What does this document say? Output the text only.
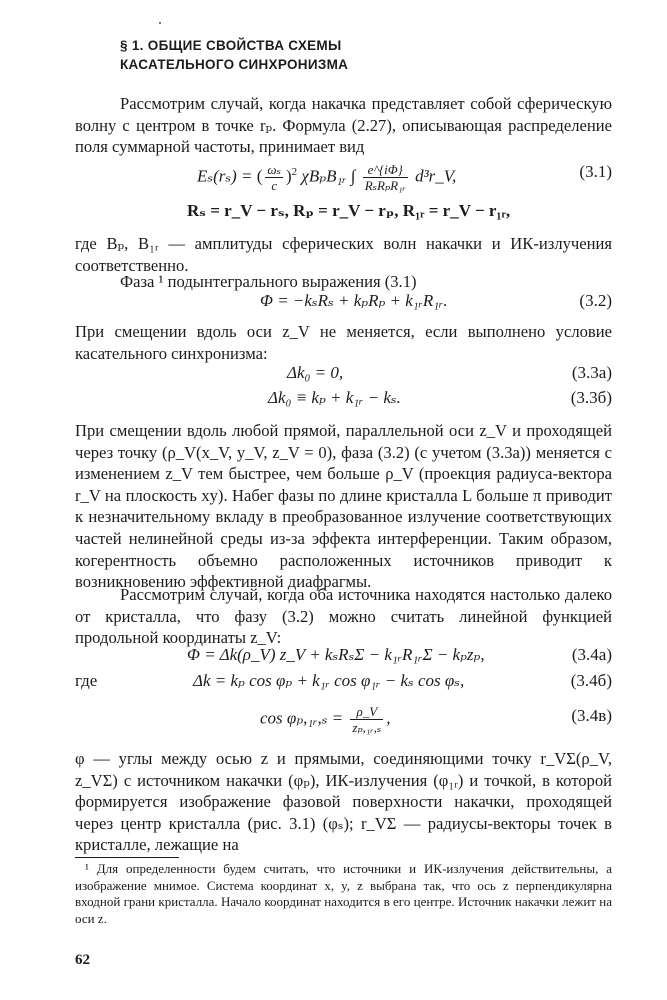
§ 1. ОБЩИЕ СВОЙСТВА СХЕМЫ
КАСАТЕЛЬНОГО СИНХРОНИЗМА
Рассмотрим случай, когда накачка представляет собой сферическую волну с центром в точке rₚ. Формула (2.27), описывающая распределение поля суммарной частоты, принимает вид
Eₛ(rₛ) = ( $\frac{\text{ωₛ}}{c} )^2$ χBₚB₁ᵣ ∫ $\frac{e\^{}\{i\Phi\}}{\text{RₛRₚR₁ᵣ}}$ d³r_V,	(3.1)
Rₛ = r_V − rₛ, Rₚ = r_V − rₚ, R₁ᵣ = r_V − r₁ᵣ,
где Bₚ, B₁ᵣ — амплитуды сферических волн накачки и ИК-излучения соответственно.
Фаза ¹ подынтегрального выражения (3.1)
Φ = −kₛRₛ + kₚRₚ + k₁ᵣR₁ᵣ.	(3.2)
При смещении вдоль оси z_V не меняется, если выполнено условие касательного синхронизма:
Δk₀ = 0,	(3.3а)
Δk₀ ≡ kₚ + k₁ᵣ − kₛ.	(3.3б)
При смещении вдоль любой прямой, параллельной оси z_V и проходящей через точку (ρ_V(x_V, y_V, z_V = 0), фаза (3.2) (с учетом (3.3а)) меняется с изменением z_V тем быстрее, чем больше ρ_V (проекция радиуса-вектора r_V на плоскость xy). Набег фазы по длине кристалла L больше π приводит к незначительному вкладу в преобразованное излучение соответствующих частей нелинейной среды из-за эффекта интерференции. Таким образом, когерентность объемно расположенных источников приводит к возникновению эффективной диафрагмы.
Рассмотрим случай, когда оба источника находятся настолько далеко от кристалла, что фазу (3.2) можно считать линейной функцией продольной координаты z_V:
Φ = Δk(ρ_V) z_V + kₛRₛΣ − k₁ᵣR₁ᵣΣ − kₚzₚ,	(3.4а)
где	Δk = kₚ cos φₚ + k₁ᵣ cos φ₁ᵣ − kₛ cos φₛ,	(3.4б)
cos φₚ,₁ᵣ,ₛ = $\frac{\rho\_V}{\text{zₚ,₁ᵣ,ₛ}}$ ,	(3.4в)
φ — углы между осью z и прямыми, соединяющими точку r_VΣ(ρ_V, z_VΣ) с источником накачки (φₚ), ИК-излучения (φ₁ᵣ) и точкой, в которой формируется изображение фазовой поверхности накачки, проходящей через центр кристалла (рис. 3.1) (φₛ); r_VΣ — радиусы-векторы точек в кристалле, лежащие на
¹ Для определенности будем считать, что источники и ИК-излучения действительны, а изображение мнимое. Система координат x, y, z выбрана так, что ось z перпендикулярна входной грани кристалла. Начало координат находится в его центре. Источник накачки лежит на оси z.
62
